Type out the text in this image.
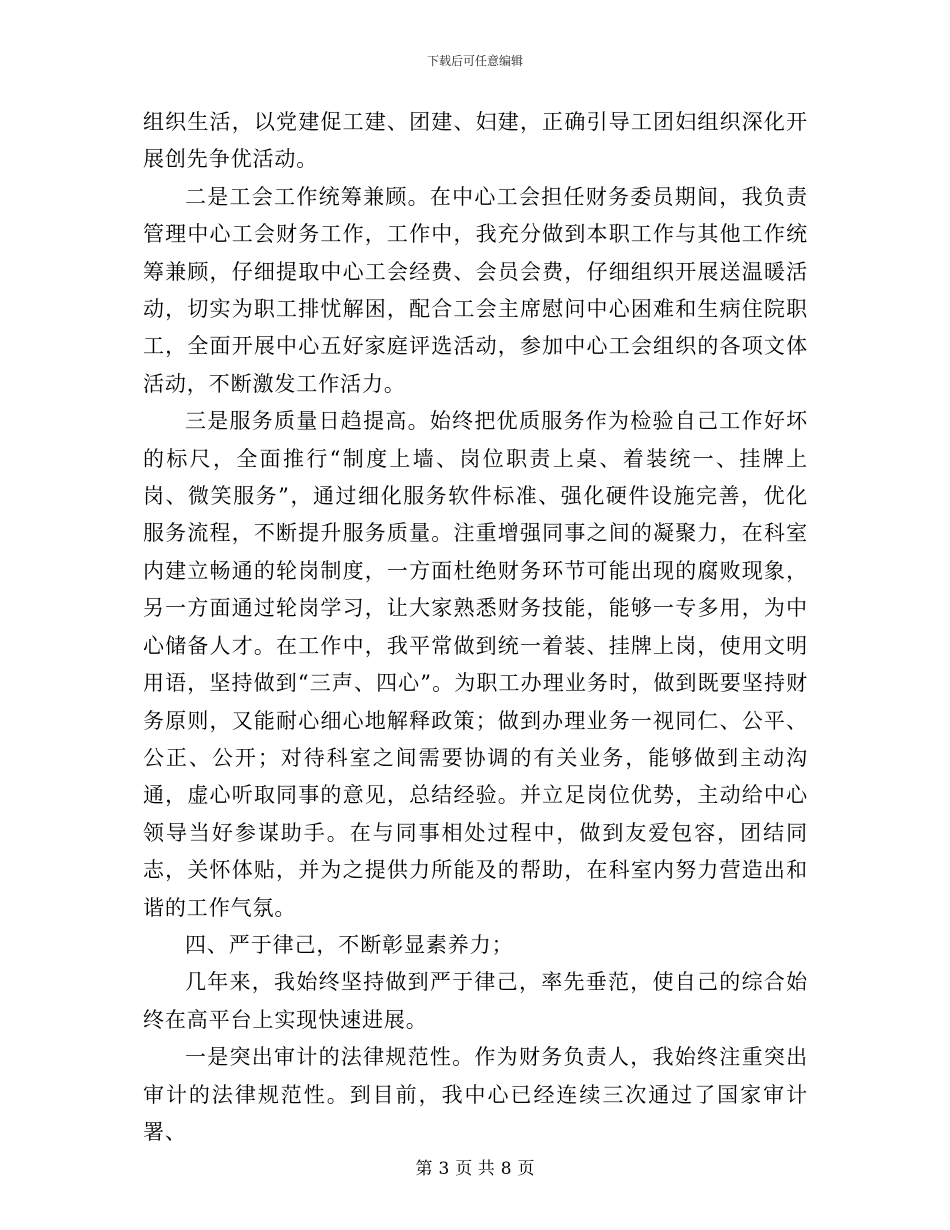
下载后可任意编辑

组织生活，以党建促工建、团建、妇建，正确引导工团妇组织深化开展创先争优活动。

二是工会工作统筹兼顾。在中心工会担任财务委员期间，我负责管理中心工会财务工作，工作中，我充分做到本职工作与其他工作统筹兼顾，仔细提取中心工会经费、会员会费，仔细组织开展送温暖活动，切实为职工排忧解困，配合工会主席慰问中心困难和生病住院职工，全面开展中心五好家庭评选活动，参加中心工会组织的各项文体活动，不断激发工作活力。

三是服务质量日趋提高。始终把优质服务作为检验自己工作好坏的标尺，全面推行“制度上墙、岗位职责上桌、着装统一、挂牌上岗、微笑服务”，通过细化服务软件标准、强化硬件设施完善，优化服务流程，不断提升服务质量。注重增强同事之间的凝聚力，在科室内建立畅通的轮岗制度，一方面杜绝财务环节可能出现的腐败现象，另一方面通过轮岗学习，让大家熟悉财务技能，能够一专多用，为中心储备人才。在工作中，我平常做到统一着装、挂牌上岗，使用文明用语，坚持做到“三声、四心”。为职工办理业务时，做到既要坚持财务原则，又能耐心细心地解释政策；做到办理业务一视同仁、公平、公正、公开；对待科室之间需要协调的有关业务，能够做到主动沟通，虚心听取同事的意见，总结经验。并立足岗位优势，主动给中心领导当好参谋助手。在与同事相处过程中，做到友爱包容，团结同志，关怀体贴，并为之提供力所能及的帮助，在科室内努力营造出和谐的工作气氛。

四、严于律己，不断彰显素养力；

几年来，我始终坚持做到严于律己，率先垂范，使自己的综合始终在高平台上实现快速进展。

一是突出审计的法律规范性。作为财务负责人，我始终注重突出审计的法律规范性。到目前，我中心已经连续三次通过了国家审计署、

第 3 页 共 8 页
